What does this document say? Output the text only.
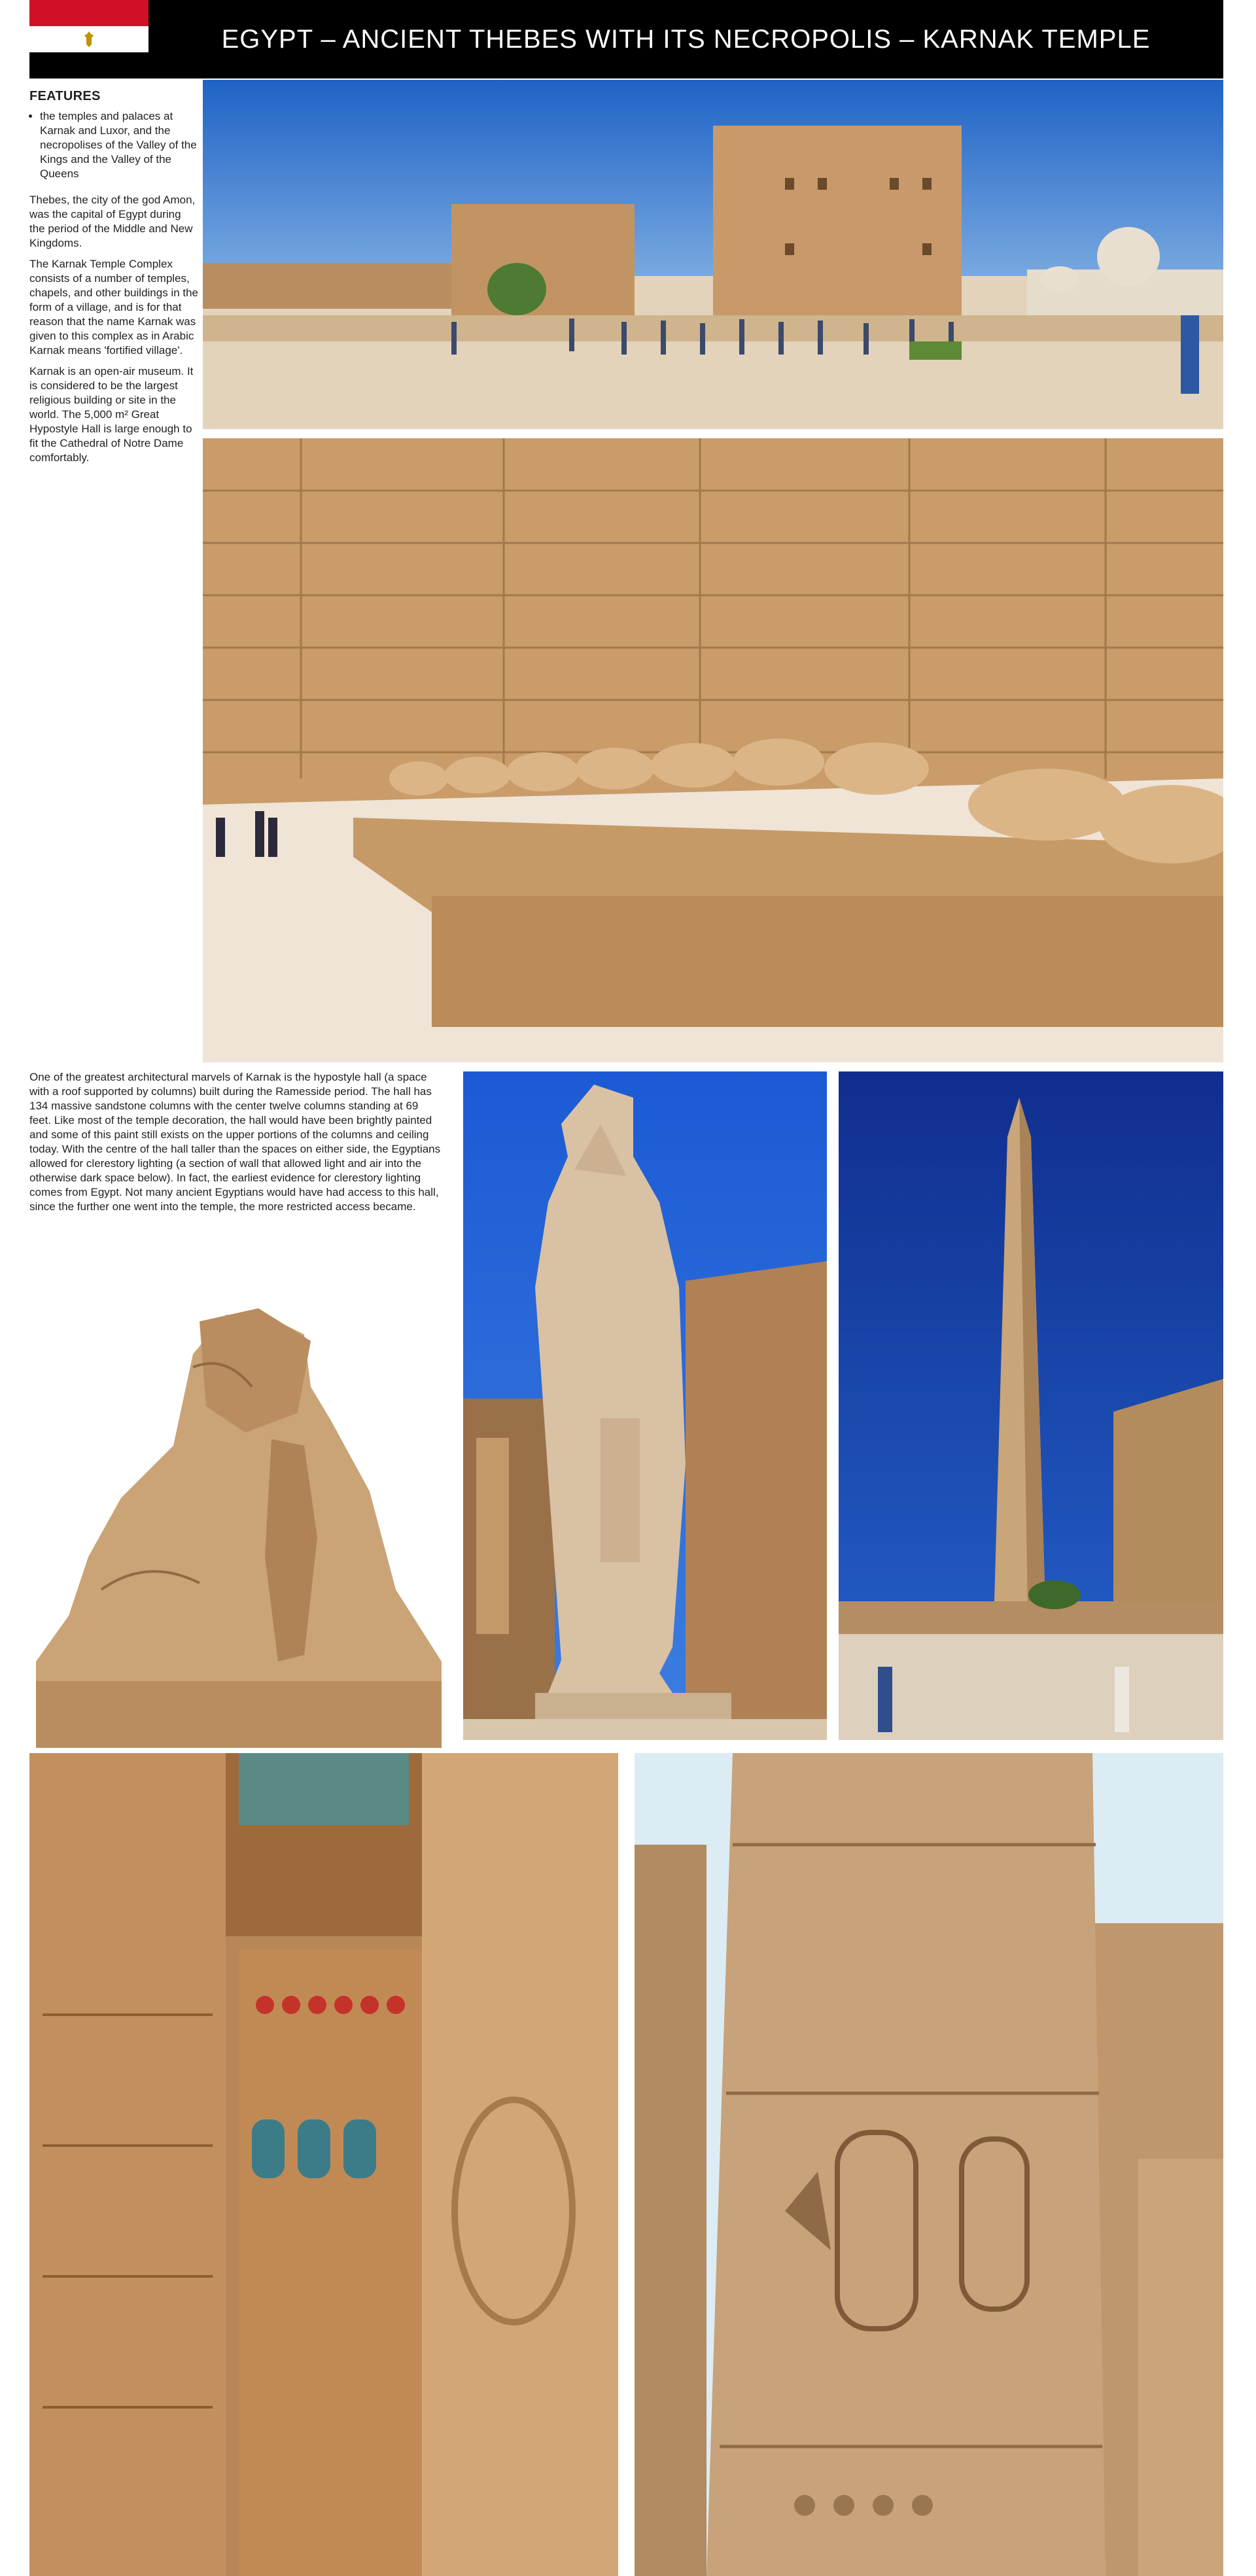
EGYPT – ANCIENT THEBES WITH ITS NECROPOLIS – KARNAK TEMPLE
FEATURES
• the temples and palaces at Karnak and Luxor, and the necropolises of the Valley of the Kings and the Valley of the Queens

Thebes, the city of the god Amon, was the capital of Egypt during the period of the Middle and New Kingdoms.

The Karnak Temple Complex consists of a number of temples, chapels, and other buildings in the form of a village, and is for that reason that the name Karnak was given to this complex as in Arabic Karnak means 'fortified village'.

Karnak is an open-air museum. It is considered to be the largest religious building or site in the world. The 5,000 m² Great Hypostyle Hall is large enough to fit the Cathedral of Notre Dame comfortably.

One of the greatest architectural marvels of Karnak is the hypostyle hall (a space with a roof supported by columns) built during the Ramesside period. The hall has 134 massive sandstone columns with the center twelve columns standing at 69 feet. Like most of the temple decoration, the hall would have been brightly painted and some of this paint still exists on the upper portions of the columns and ceiling today. With the centre of the hall taller than the spaces on either side, the Egyptians allowed for clerestory lighting (a section of wall that allowed light and air into the otherwise dark space below). In fact, the earliest evidence for clerestory lighting comes from Egypt. Not many ancient Egyptians would have had access to this hall, since the further one went into the temple, the more restricted access became.
